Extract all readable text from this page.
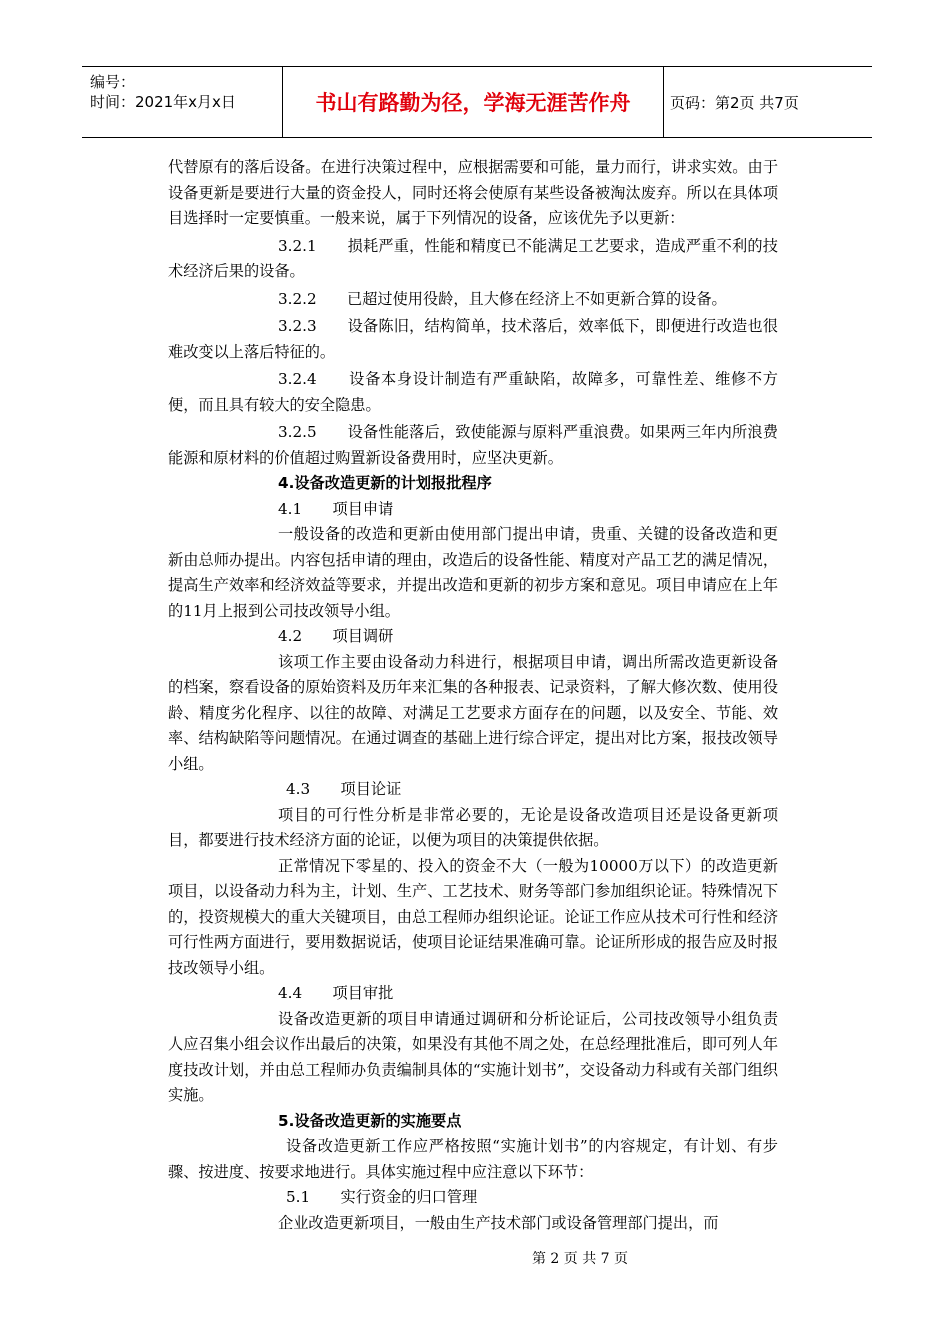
编号：
时间：2021年x月x日	书山有路勤为径，学海无涯苦作舟	页码：第2页 共7页

代替原有的落后设备。在进行决策过程中，应根据需要和可能，量力而行，讲求实效。由于设备更新是要进行大量的资金投人，同时还将会使原有某些设备被淘汰废弃。所以在具体项目选择时一定要慎重。一般来说，属于下列情况的设备，应该优先予以更新：

3.2.1　　损耗严重，性能和精度已不能满足工艺要求，造成严重不利的技术经济后果的设备。

3.2.2　　已超过使用役龄，且大修在经济上不如更新合算的设备。

3.2.3　　设备陈旧，结构简单，技术落后，效率低下，即便进行改造也很难改变以上落后特征的。

3.2.4　　设备本身设计制造有严重缺陷，故障多，可靠性差、维修不方便，而且具有较大的安全隐患。

3.2.5　　设备性能落后，致使能源与原料严重浪费。如果两三年内所浪费能源和原材料的价值超过购置新设备费用时，应坚决更新。

4.设备改造更新的计划报批程序

4.1　　项目申请

一般设备的改造和更新由使用部门提出申请，贵重、关键的设备改造和更新由总师办提出。内容包括申请的理由，改造后的设备性能、精度对产品工艺的满足情况，提高生产效率和经济效益等要求，并提出改造和更新的初步方案和意见。项目申请应在上年的11月上报到公司技改领导小组。

4.2　　项目调研

该项工作主要由设备动力科进行，根据项目申请，调出所需改造更新设备的档案，察看设备的原始资料及历年来汇集的各种报表、记录资料，了解大修次数、使用役龄、精度劣化程序、以往的故障、对满足工艺要求方面存在的问题，以及安全、节能、效率、结构缺陷等问题情况。在通过调查的基础上进行综合评定，提出对比方案，报技改领导小组。

4.3　　项目论证

项目的可行性分析是非常必要的，无论是设备改造项目还是设备更新项目，都要进行技术经济方面的论证，以便为项目的决策提供依据。

正常情况下零星的、投入的资金不大（一般为10000万以下）的改造更新项目，以设备动力科为主，计划、生产、工艺技术、财务等部门参加组织论证。特殊情况下的，投资规模大的重大关键项目，由总工程师办组织论证。论证工作应从技术可行性和经济可行性两方面进行，要用数据说话，使项目论证结果准确可靠。论证所形成的报告应及时报技改领导小组。

4.4　　项目审批

设备改造更新的项目申请通过调研和分析论证后，公司技改领导小组负责人应召集小组会议作出最后的决策，如果没有其他不周之处，在总经理批准后，即可列人年度技改计划，并由总工程师办负责编制具体的“实施计划书”，交设备动力科或有关部门组织实施。

5.设备改造更新的实施要点

设备改造更新工作应严格按照“实施计划书”的内容规定，有计划、有步骤、按进度、按要求地进行。具体实施过程中应注意以下环节：

5.1　　实行资金的归口管理

企业改造更新项目，一般由生产技术部门或设备管理部门提出，而

第 2 页 共 7 页
